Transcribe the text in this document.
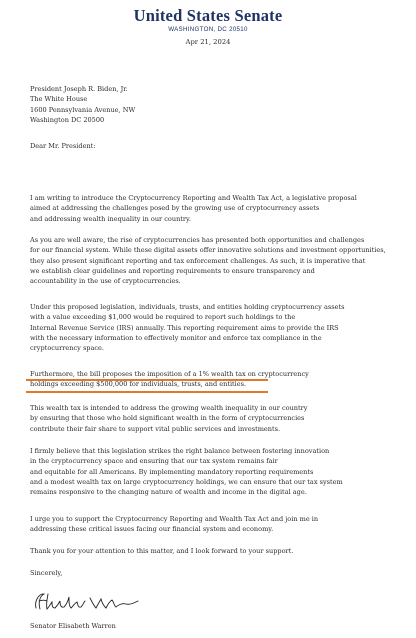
United States Senate
WASHINGTON, DC 20510
Apr 21, 2024
President Joseph R. Biden, Jr.
The White House
1600 Pennsylvania Avenue, NW
Washington DC 20500
Dear Mr. President:
I am writing to introduce the Cryptocurrency Reporting and Wealth Tax Act, a legislative proposal
aimed at addressing the challenges posed by the growing use of cryptocurrency assets
and addressing wealth inequality in our country.
As you are well aware, the rise of cryptocurrencies has presented both opportunities and challenges
for our financial system. While these digital assets offer innovative solutions and investment opportunities,
they also present significant reporting and tax enforcement challenges. As such, it is imperative that
we establish clear guidelines and reporting requirements to ensure transparency and
accountability in the use of cryptocurrencies.
Under this proposed legislation, individuals, trusts, and entities holding cryptocurrency assets
with a value exceeding $1,000 would be required to report such holdings to the
Internal Revenue Service (IRS) annually. This reporting requirement aims to provide the IRS
with the necessary information to effectively monitor and enforce tax compliance in the
cryptocurrency space.
Furthermore, the bill proposes the imposition of a 1% wealth tax on cryptocurrency
holdings exceeding $500,000 for individuals, trusts, and entities.
This wealth tax is intended to address the growing wealth inequality in our country
by ensuring that those who hold significant wealth in the form of cryptocurrencies
contribute their fair share to support vital public services and investments.
I firmly believe that this legislation strikes the right balance between fostering innovation
in the cryptocurrency space and ensuring that our tax system remains fair
and equitable for all Americans. By implementing mandatory reporting requirements
and a modest wealth tax on large cryptocurrency holdings, we can ensure that our tax system
remains responsive to the changing nature of wealth and income in the digital age.
I urge you to support the Cryptocurrency Reporting and Wealth Tax Act and join me in
addressing these critical issues facing our financial system and economy.
Thank you for your attention to this matter, and I look forward to your support.
Sincerely,
Senator Elisabeth Warren
